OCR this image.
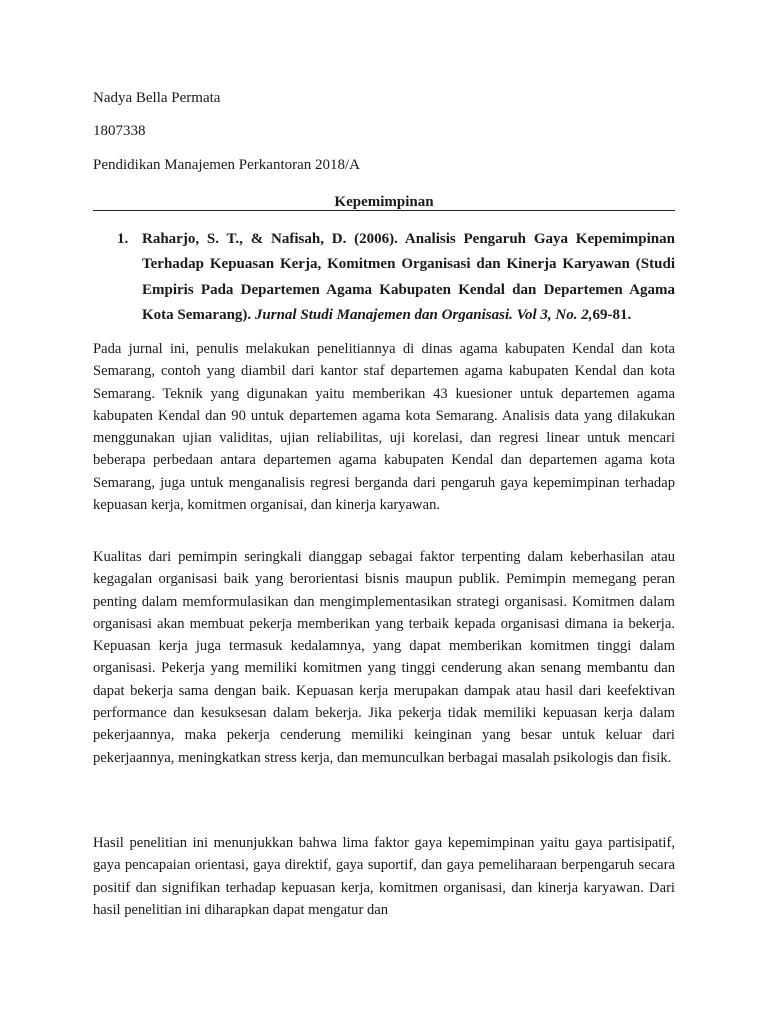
Nadya Bella Permata
1807338
Pendidikan Manajemen Perkantoran 2018/A
Kepemimpinan
1. Raharjo, S. T., & Nafisah, D. (2006). Analisis Pengaruh Gaya Kepemimpinan Terhadap Kepuasan Kerja, Komitmen Organisasi dan Kinerja Karyawan (Studi Empiris Pada Departemen Agama Kabupaten Kendal dan Departemen Agama Kota Semarang). Jurnal Studi Manajemen dan Organisasi. Vol 3, No. 2,69-81.

Pada jurnal ini, penulis melakukan penelitiannya di dinas agama kabupaten Kendal dan kota Semarang, contoh yang diambil dari kantor staf departemen agama kabupaten Kendal dan kota Semarang. Teknik yang digunakan yaitu memberikan 43 kuesioner untuk departemen agama kabupaten Kendal dan 90 untuk departemen agama kota Semarang. Analisis data yang dilakukan menggunakan ujian validitas, ujian reliabilitas, uji korelasi, dan regresi linear untuk mencari beberapa perbedaan antara departemen agama kabupaten Kendal dan departemen agama kota Semarang, juga untuk menganalisis regresi berganda dari pengaruh gaya kepemimpinan terhadap kepuasan kerja, komitmen organisai, dan kinerja karyawan.

Kualitas dari pemimpin seringkali dianggap sebagai faktor terpenting dalam keberhasilan atau kegagalan organisasi baik yang berorientasi bisnis maupun publik. Pemimpin memegang peran penting dalam memformulasikan dan mengimplementasikan strategi organisasi. Komitmen dalam organisasi akan membuat pekerja memberikan yang terbaik kepada organisasi dimana ia bekerja. Kepuasan kerja juga termasuk kedalamnya, yang dapat memberikan komitmen tinggi dalam organisasi. Pekerja yang memiliki komitmen yang tinggi cenderung akan senang membantu dan dapat bekerja sama dengan baik. Kepuasan kerja merupakan dampak atau hasil dari keefektivan performance dan kesuksesan dalam bekerja. Jika pekerja tidak memiliki kepuasan kerja dalam pekerjaannya, maka pekerja cenderung memiliki keinginan yang besar untuk keluar dari pekerjaannya, meningkatkan stress kerja, dan memunculkan berbagai masalah psikologis dan fisik.

Hasil penelitian ini menunjukkan bahwa lima faktor gaya kepemimpinan yaitu gaya partisipatif, gaya pencapaian orientasi, gaya direktif, gaya suportif, dan gaya pemeliharaan berpengaruh secara positif dan signifikan terhadap kepuasan kerja, komitmen organisasi, dan kinerja karyawan. Dari hasil penelitian ini diharapkan dapat mengatur dan
